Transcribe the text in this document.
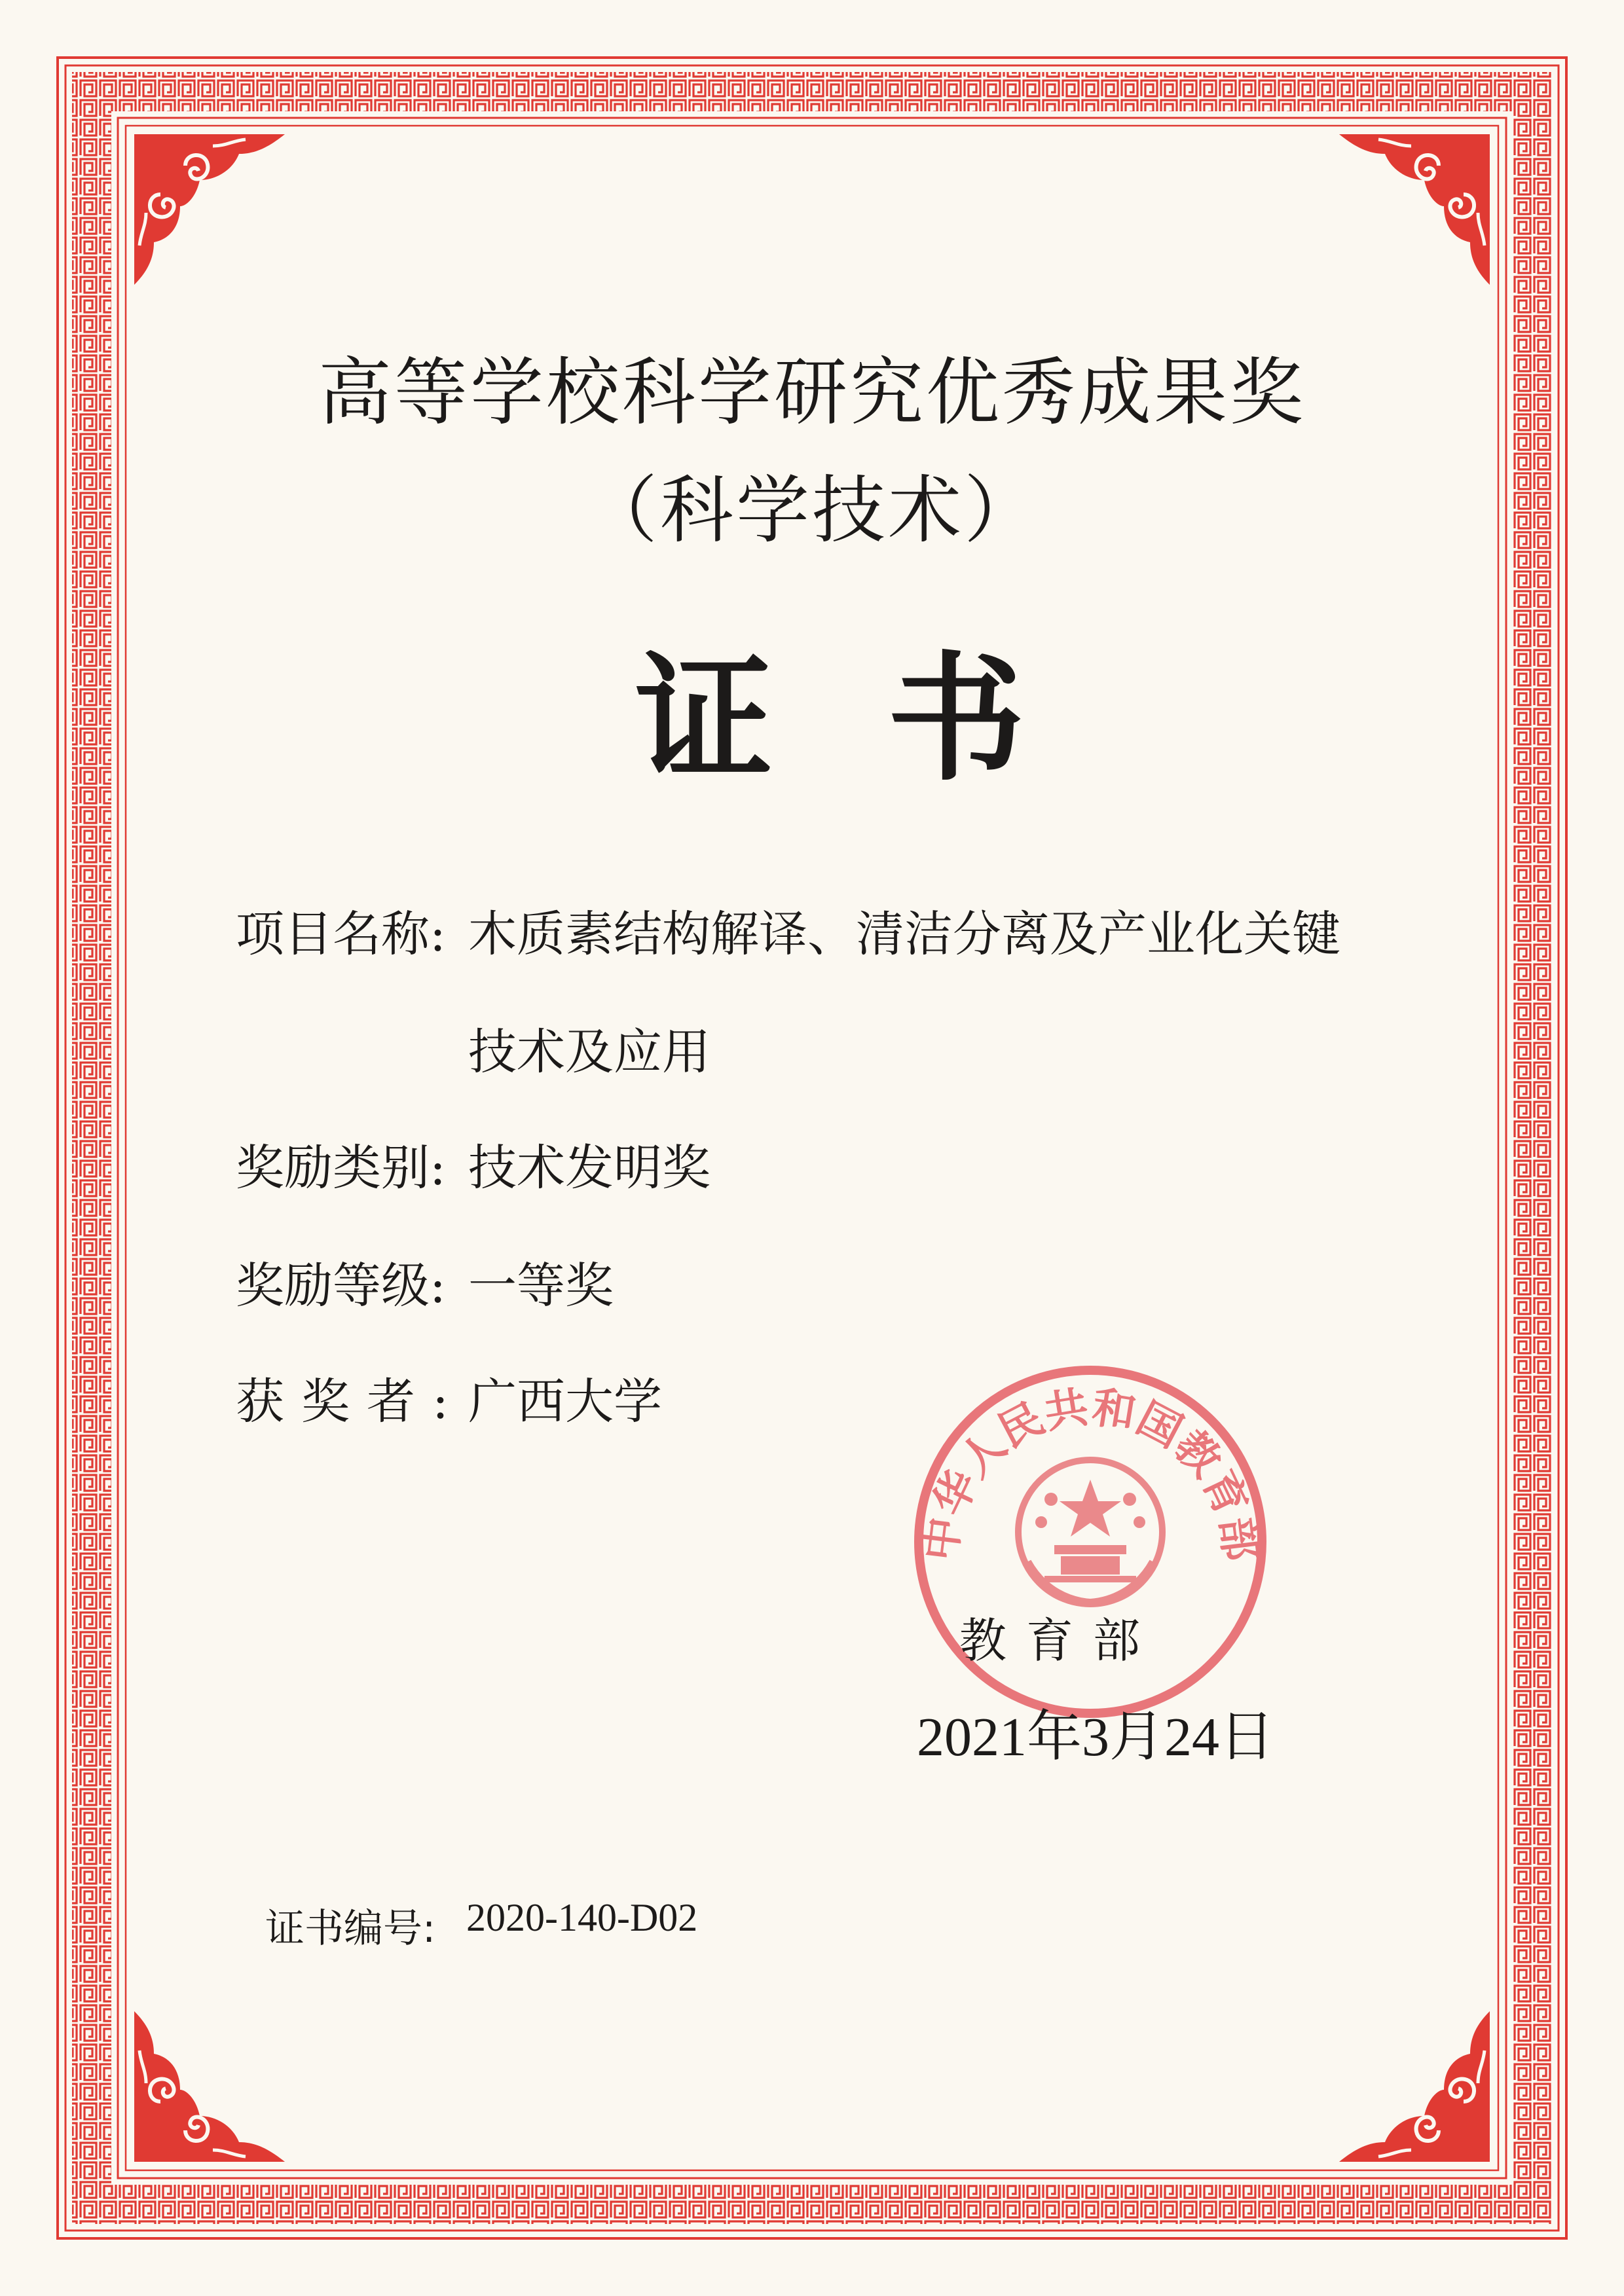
高等学校科学研究优秀成果奖
（科学技术）
证书
项目名称: 木质素结构解译、清洁分离及产业化关键
技术及应用
奖励类别: 技术发明奖
奖励等级: 一等奖
获奖者: 广西大学
中华人民共和国教育部
教育部
2021年3月24日
证书编号: 2020-140-D02
